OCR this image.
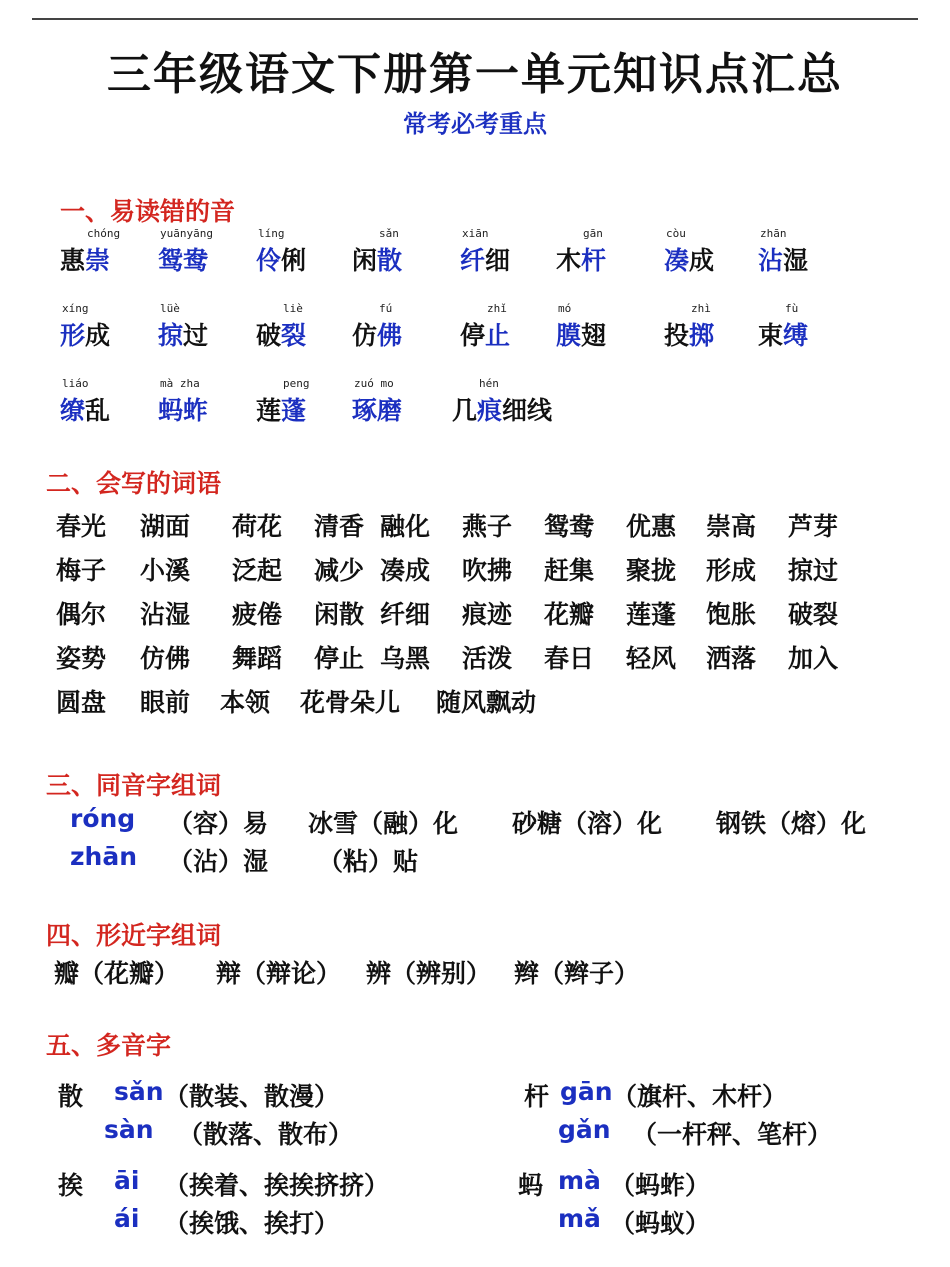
三年级语文下册第一单元知识点汇总
常考必考重点
一、易读错的音
惠崇
chóng
鸳鸯
yuānyāng
伶
líng
俐 闲散
sǎn
纤
xiān
细 木杆
gān
凑
còu
成 沾
zhān
湿
形
xíng
成 掠
lüè
过 破裂
liè
仿佛
fú
停止
zhǐ
膜
mó
翅 投掷
zhì
束缚
fù
缭
liáo
乱 蚂蚱
mà zha
莲蓬
peng
琢磨
zuó mo
几痕
hén
细线
二、会写的词语
春光 湖面 荷花 清香 融化 燕子 鸳鸯 优惠 崇高 芦芽
梅子 小溪 泛起 减少 凑成 吹拂 赶集 聚拢 形成 掠过
偶尔 沾湿 疲倦 闲散 纤细 痕迹 花瓣 莲蓬 饱胀 破裂
姿势 仿佛 舞蹈 停止 乌黑 活泼 春日 轻风 洒落 加入
圆盘 眼前 本领 花骨朵儿 随风飘动
三、同音字组词
róng （容）易 冰雪（融）化 砂糖（溶）化 钢铁（熔）化
zhān （沾）湿 （粘）贴
四、形近字组词
瓣（花瓣） 辩（辩论） 辨（辨别） 辫（辫子）
五、多音字
散 sǎn （散装、散漫）
sàn （散落、散布）
杆 gān （旗杆、木杆）
gǎn （一杆秤、笔杆）
挨 āi （挨着、挨挨挤挤）
ái （挨饿、挨打）
蚂 mà （蚂蚱）
mǎ （蚂蚁）
